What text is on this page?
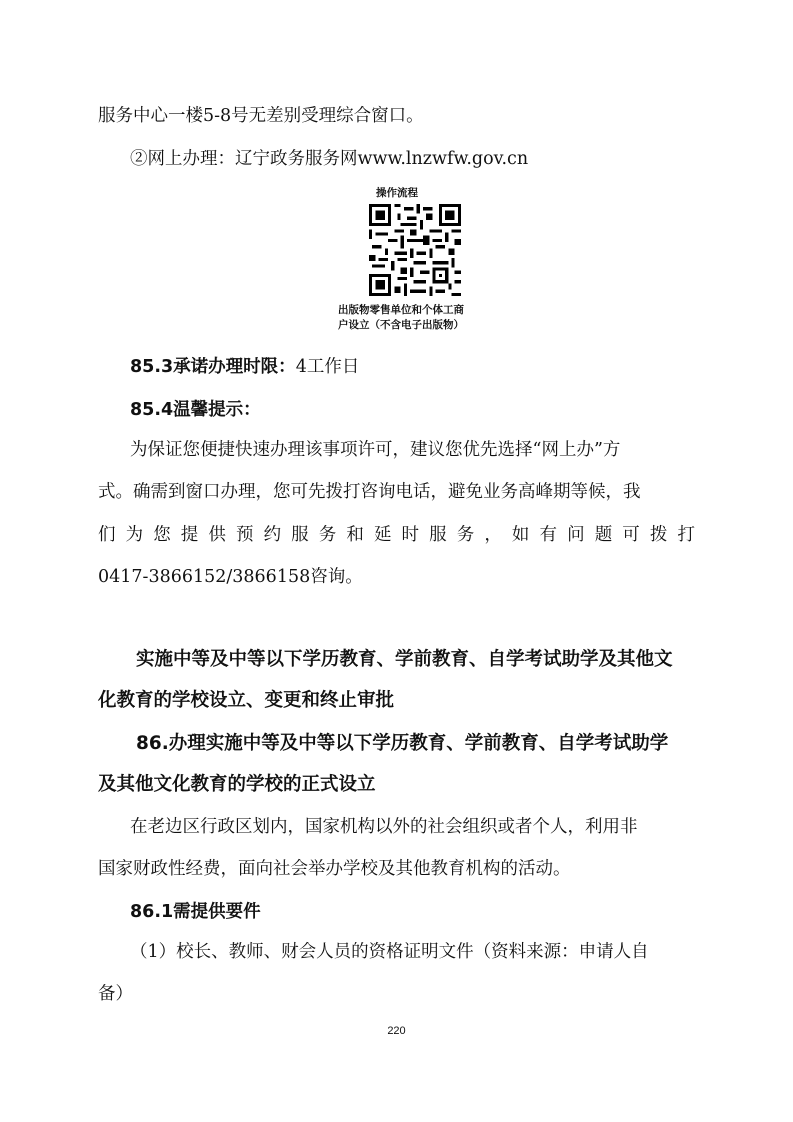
服务中心一楼5-8号无差别受理综合窗口。
②网上办理：辽宁政务服务网www.lnzwfw.gov.cn
操作流程
出版物零售单位和个体工商
户设立（不含电子出版物）
85.3承诺办理时限：4工作日
85.4温馨提示：
为保证您便捷快速办理该事项许可，建议您优先选择“网上办”方
式。确需到窗口办理，您可先拨打咨询电话，避免业务高峰期等候，我
们为您提供预约服务和延时服务，如有问题可拨打
0417-3866152/3866158咨询。
实施中等及中等以下学历教育、学前教育、自学考试助学及其他文
化教育的学校设立、变更和终止审批
86.办理实施中等及中等以下学历教育、学前教育、自学考试助学
及其他文化教育的学校的正式设立
在老边区行政区划内，国家机构以外的社会组织或者个人，利用非
国家财政性经费，面向社会举办学校及其他教育机构的活动。
86.1需提供要件
（1）校长、教师、财会人员的资格证明文件（资料来源：申请人自
备）
220
